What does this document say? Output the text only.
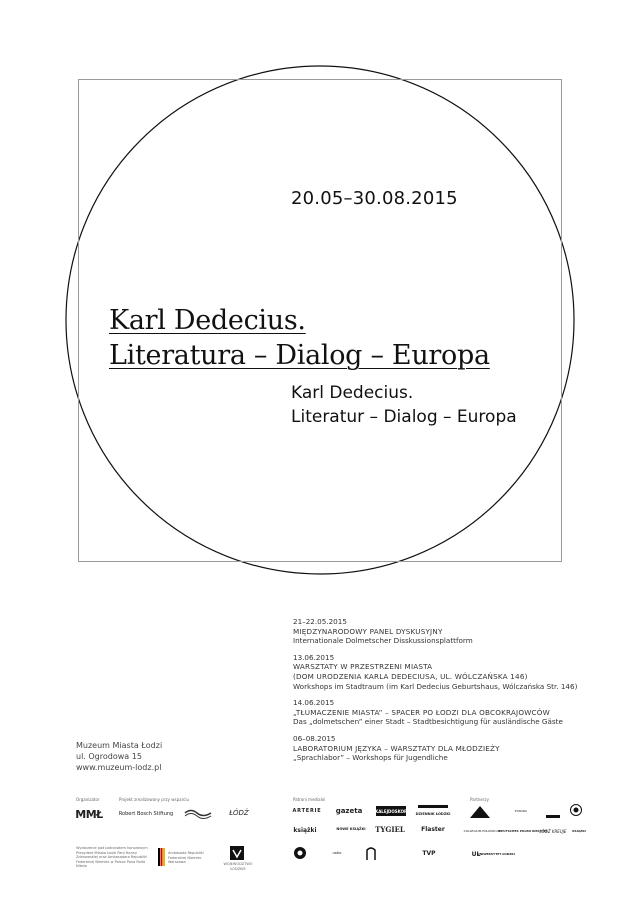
20.05–30.08.2015
Karl Dedecius.
Literatura – Dialog – Europa
Karl Dedecius.
Literatur – Dialog – Europa
21–22.05.2015
MIĘDZYNARODOWY PANEL DYSKUSYJNY
Internationale Dolmetscher Disskussionsplattform
13.06.2015
WARSZTATY W PRZESTRZENI MIASTA
(DOM URODZENIA KARLA DEDECIUSA, UL. WÓLCZAŃSKA 146)
Workshops im Stadtraum (im Karl Dedecius Geburtshaus, Wólczańska Str. 146)
14.06.2015
„TŁUMACZENIE MIASTA” – SPACER PO ŁODZI DLA OBCOKRAJOWCÓW
Das „dolmetschen” einer Stadt – Stadtbesichtigung für ausländische Gäste
06–08.2015
LABORATORIUM JĘZYKA – WARSZTATY DLA MŁODZIEŻY
„Sprachlabor” – Workshops für Jugendliche
Muzeum Miasta Łodzi
ul. Ogrodowa 15
www.muzeum-lodz.pl
Organizator	Projekt zrealizowany przy wsparciu	Patroni medialni	Partnerzy
MMŁ	Robert Bosch Stiftung	ŁÓDŹ
Ambasada Republiki Federalnej Niemiec Warszawa	WOJEWÓDZTWO ŁÓDZKIE
Wydarzenie pod patronatem honorowym Prezydent Miasta Łodzi Pani Hanny Zdanowskiej oraz Ambasadora Republiki Federalnej Niemiec w Polsce Pana Rolfa Nikela
ARTERIE gazeta	KALEJDOSKOP
DZIENNIK ŁÓDZKI
książki	NOWE KSIĄŻKI TYGIEL	Flaster
radio	TVP
EUROPA
COLLEGIUM POLONICUM
DEUTSCHES POLEN INSTITUT
ŁÓDŹ KREUJE	KSIĄŻKI
UL
UNIWERSYTET ŁÓDZKI
